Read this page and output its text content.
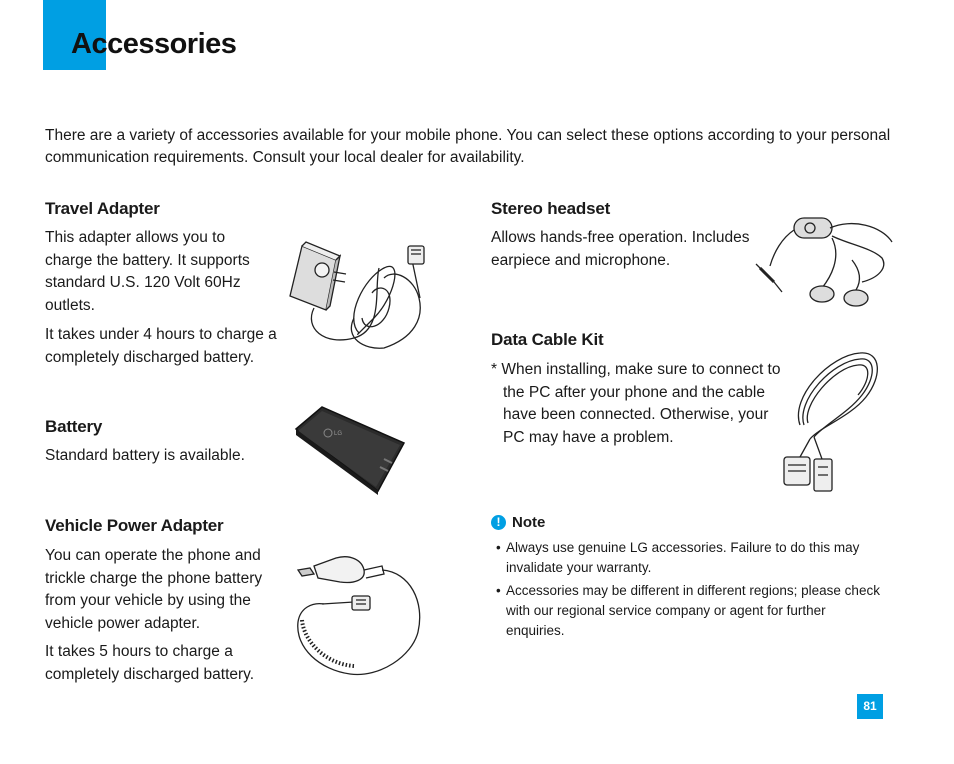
Accessories

There are a variety of accessories available for your mobile phone. You can select these options according to your personal communication requirements. Consult your local dealer for availability.

Travel Adapter

This adapter allows you to charge the battery. It supports standard U.S. 120 Volt 60Hz outlets.

It takes under 4 hours to charge a completely discharged battery.

Battery

Standard battery is available.

LG
Vehicle Power Adapter

You can operate the phone and trickle charge the phone battery from your vehicle by using the vehicle power adapter.

It takes 5 hours to charge a completely discharged battery.

Stereo headset

Allows hands-free operation. Includes earpiece and microphone.

Data Cable Kit

* When installing, make sure to connect to the PC after your phone and the cable have been connected. Otherwise, your PC may have a problem.

! Note
• Always use genuine LG accessories. Failure to do this may invalidate your warranty.
• Accessories may be different in different regions; please check with our regional service company or agent for further enquiries.
81
